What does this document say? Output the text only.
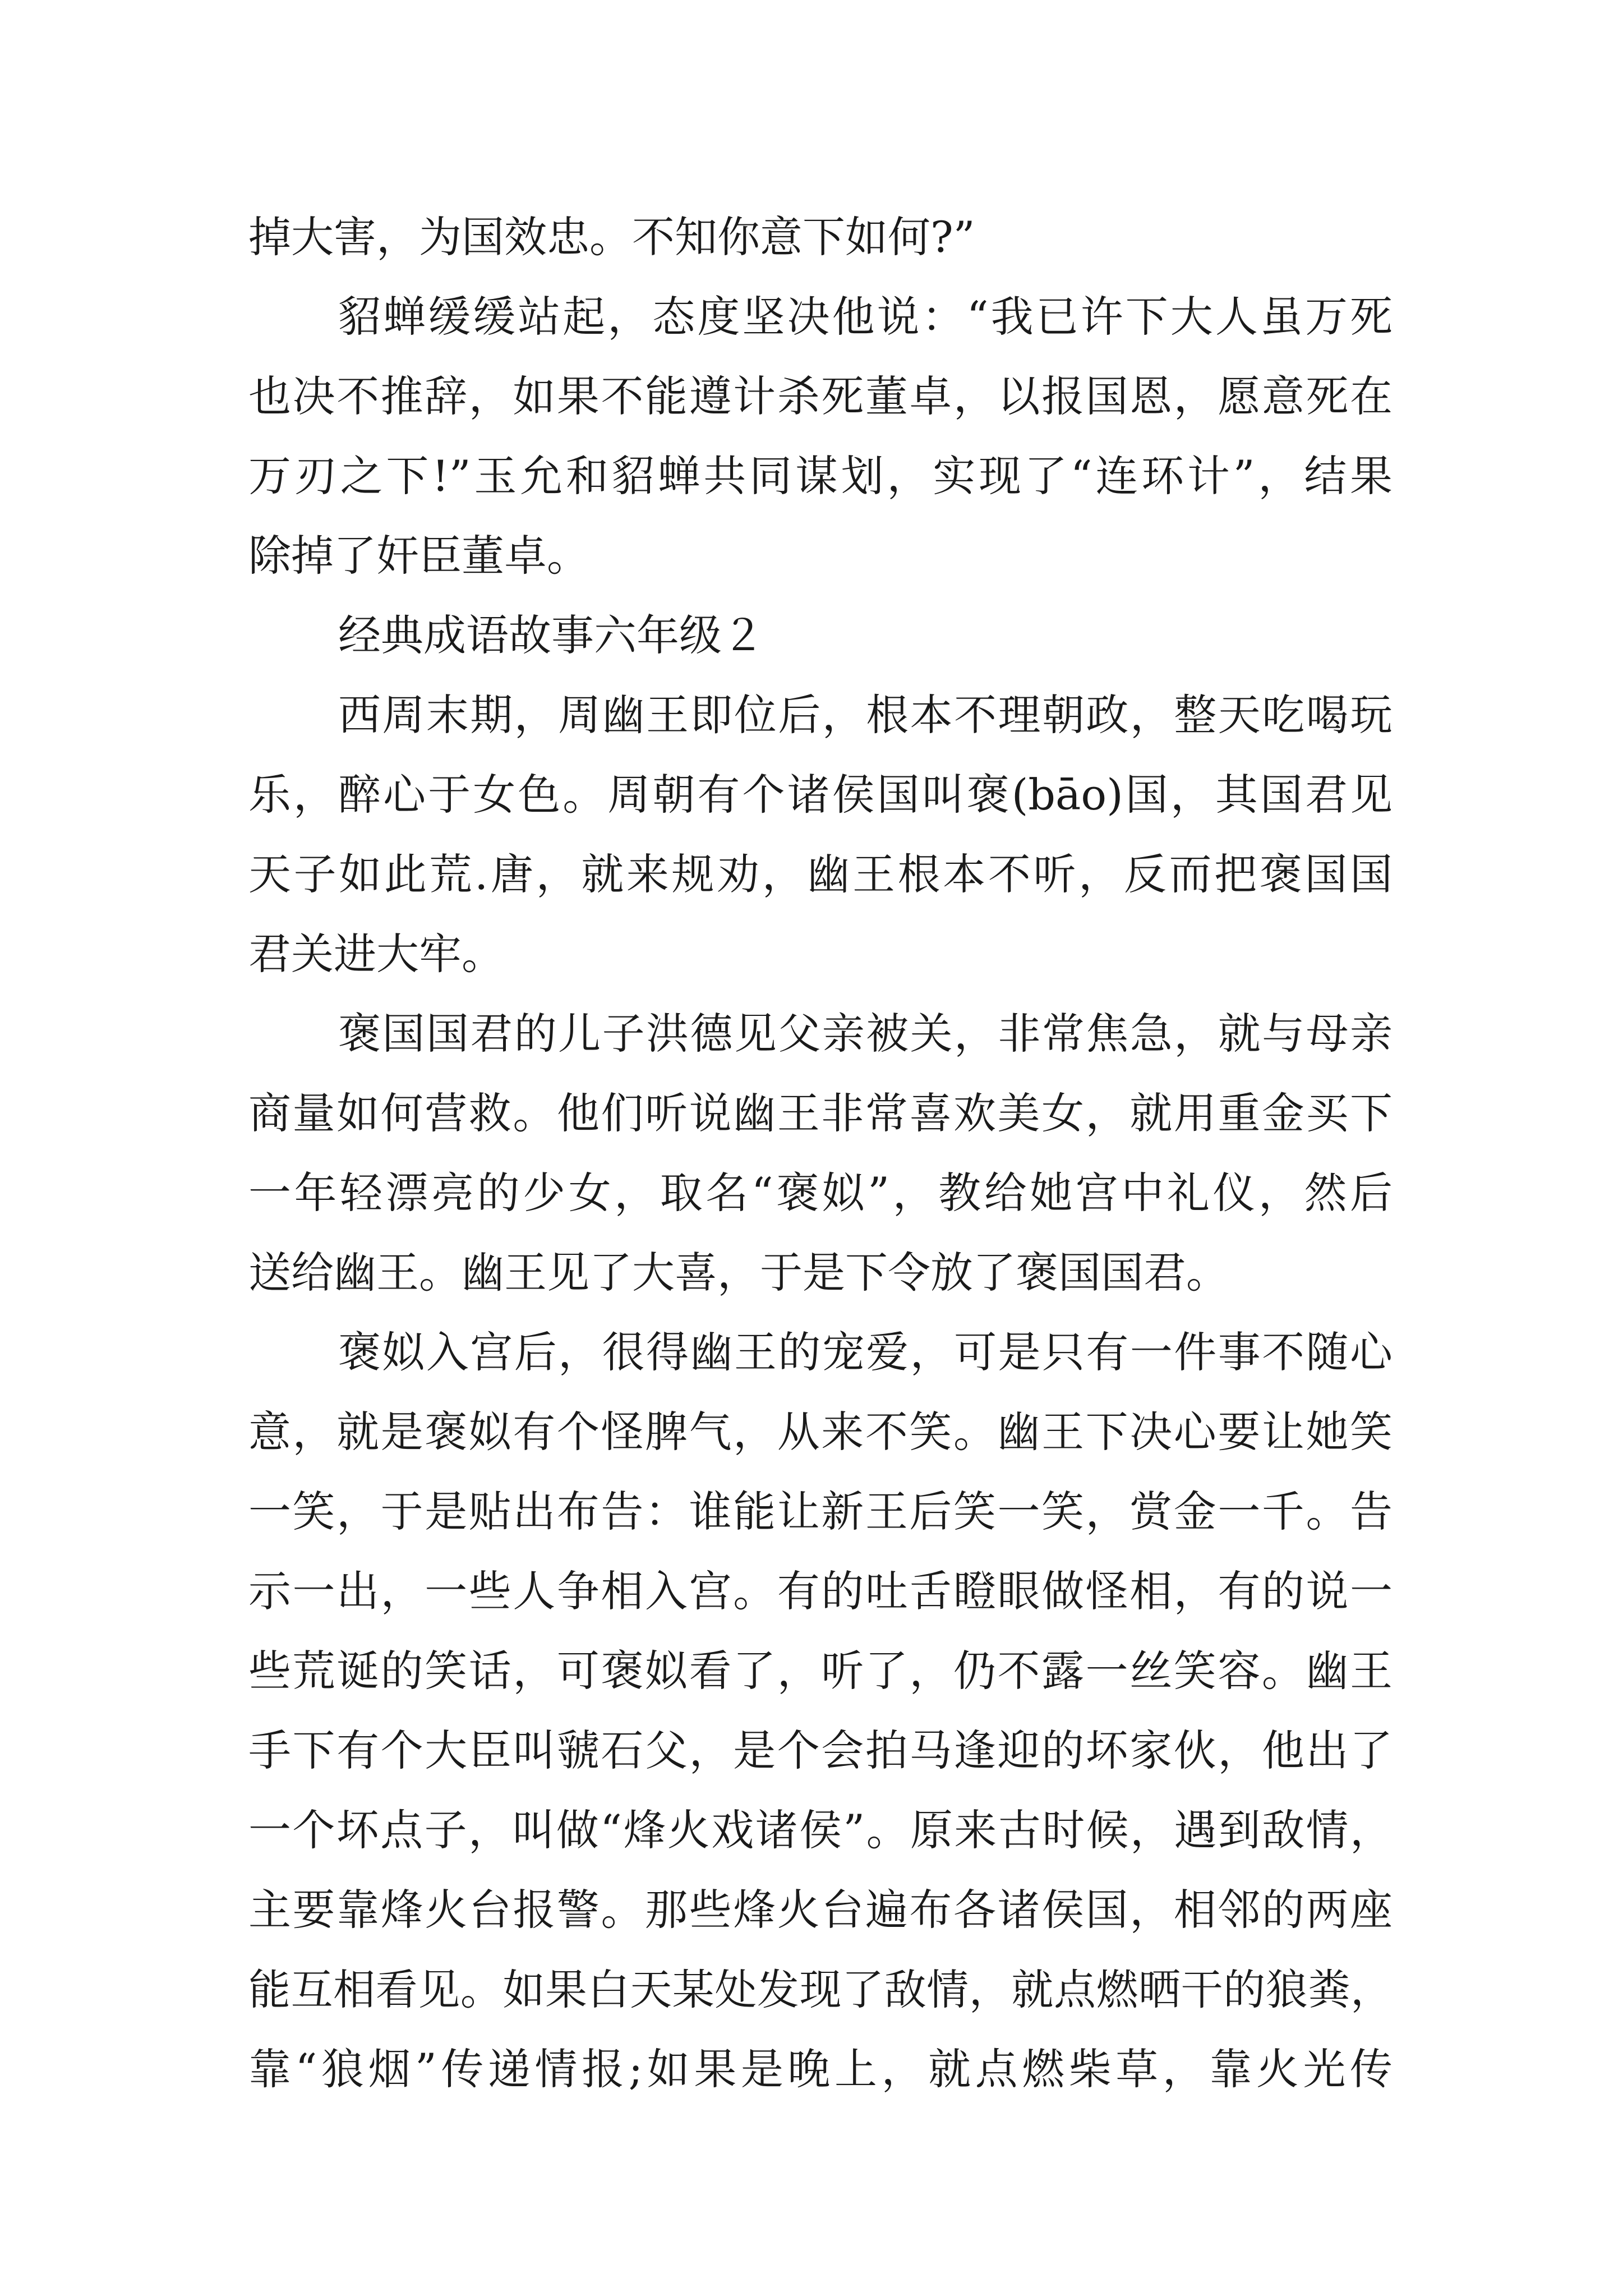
掉大害，为国效忠。不知你意下如何?”
貂蝉缓缓站起，态度坚决他说：“我已许下大人虽万死
也决不推辞，如果不能遵计杀死董卓，以报国恩，愿意死在
万刃之下!”玉允和貂蝉共同谋划，实现了“连环计”，结果
除掉了奸臣董卓。
经典成语故事六年级２
西周末期，周幽王即位后，根本不理朝政，整天吃喝玩
乐，醉心于女色。周朝有个诸侯国叫褒(bāo)国，其国君见
天子如此荒.唐，就来规劝，幽王根本不听，反而把褒国国
君关进大牢。
褒国国君的儿子洪德见父亲被关，非常焦急，就与母亲
商量如何营救。他们听说幽王非常喜欢美女，就用重金买下
一年轻漂亮的少女，取名“褒姒”，教给她宫中礼仪，然后
送给幽王。幽王见了大喜，于是下令放了褒国国君。
褒姒入宫后，很得幽王的宠爱，可是只有一件事不随心
意，就是褒姒有个怪脾气，从来不笑。幽王下决心要让她笑
一笑，于是贴出布告：谁能让新王后笑一笑，赏金一千。告
示一出，一些人争相入宫。有的吐舌瞪眼做怪相，有的说一
些荒诞的笑话，可褒姒看了，听了，仍不露一丝笑容。幽王
手下有个大臣叫虢石父，是个会拍马逢迎的坏家伙，他出了
一个坏点子，叫做“烽火戏诸侯”。原来古时候，遇到敌情，
主要靠烽火台报警。那些烽火台遍布各诸侯国，相邻的两座
能互相看见。如果白天某处发现了敌情，就点燃晒干的狼粪，
靠“狼烟”传递情报;如果是晚上，就点燃柴草，靠火光传
